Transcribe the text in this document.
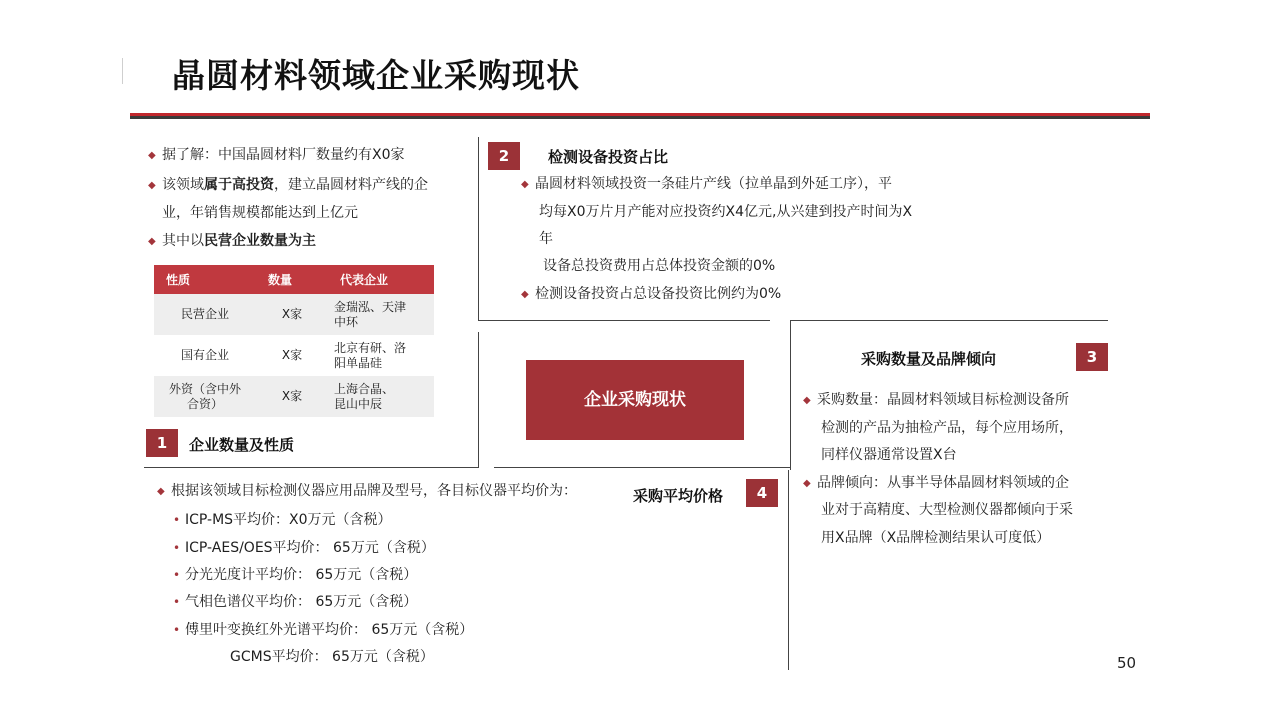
晶圆材料领域企业采购现状
◆ 据了解：中国晶圆材料厂数量约有X0家
◆ 该领域属于高投资，建立晶圆材料产线的企
业，年销售规模都能达到上亿元
◆ 其中以民营企业数量为主
性质	数量	代表企业
民营企业	X家	金瑞泓、天津
中环
国有企业	X家	北京有研、洛
阳单晶硅
外资（含中外
合资）	X家	上海合晶、
昆山中辰
1	企业数量及性质
2	检测设备投资占比
◆ 晶圆材料领域投资一条硅片产线（拉单晶到外延工序），平
均每X0万片月产能对应投资约X4亿元,从兴建到投产时间为X
年
设备总投资费用占总体投资金额的0%
◆ 检测设备投资占总设备投资比例约为0%
企业采购现状
采购数量及品牌倾向	3
◆ 采购数量：晶圆材料领域目标检测设备所
检测的产品为抽检产品，每个应用场所，
同样仪器通常设置X台
◆ 品牌倾向：从事半导体晶圆材料领域的企
业对于高精度、大型检测仪器都倾向于采
用X品牌（X品牌检测结果认可度低）
采购平均价格	4
◆ 根据该领域目标检测仪器应用品牌及型号，各目标仪器平均价为：
• ICP-MS平均价：X0万元（含税）
• ICP-AES/OES平均价： 65万元（含税）
• 分光光度计平均价： 65万元（含税）
• 气相色谱仪平均价： 65万元（含税）
• 傅里叶变换红外光谱平均价： 65万元（含税）
GCMS平均价： 65万元（含税）	50
